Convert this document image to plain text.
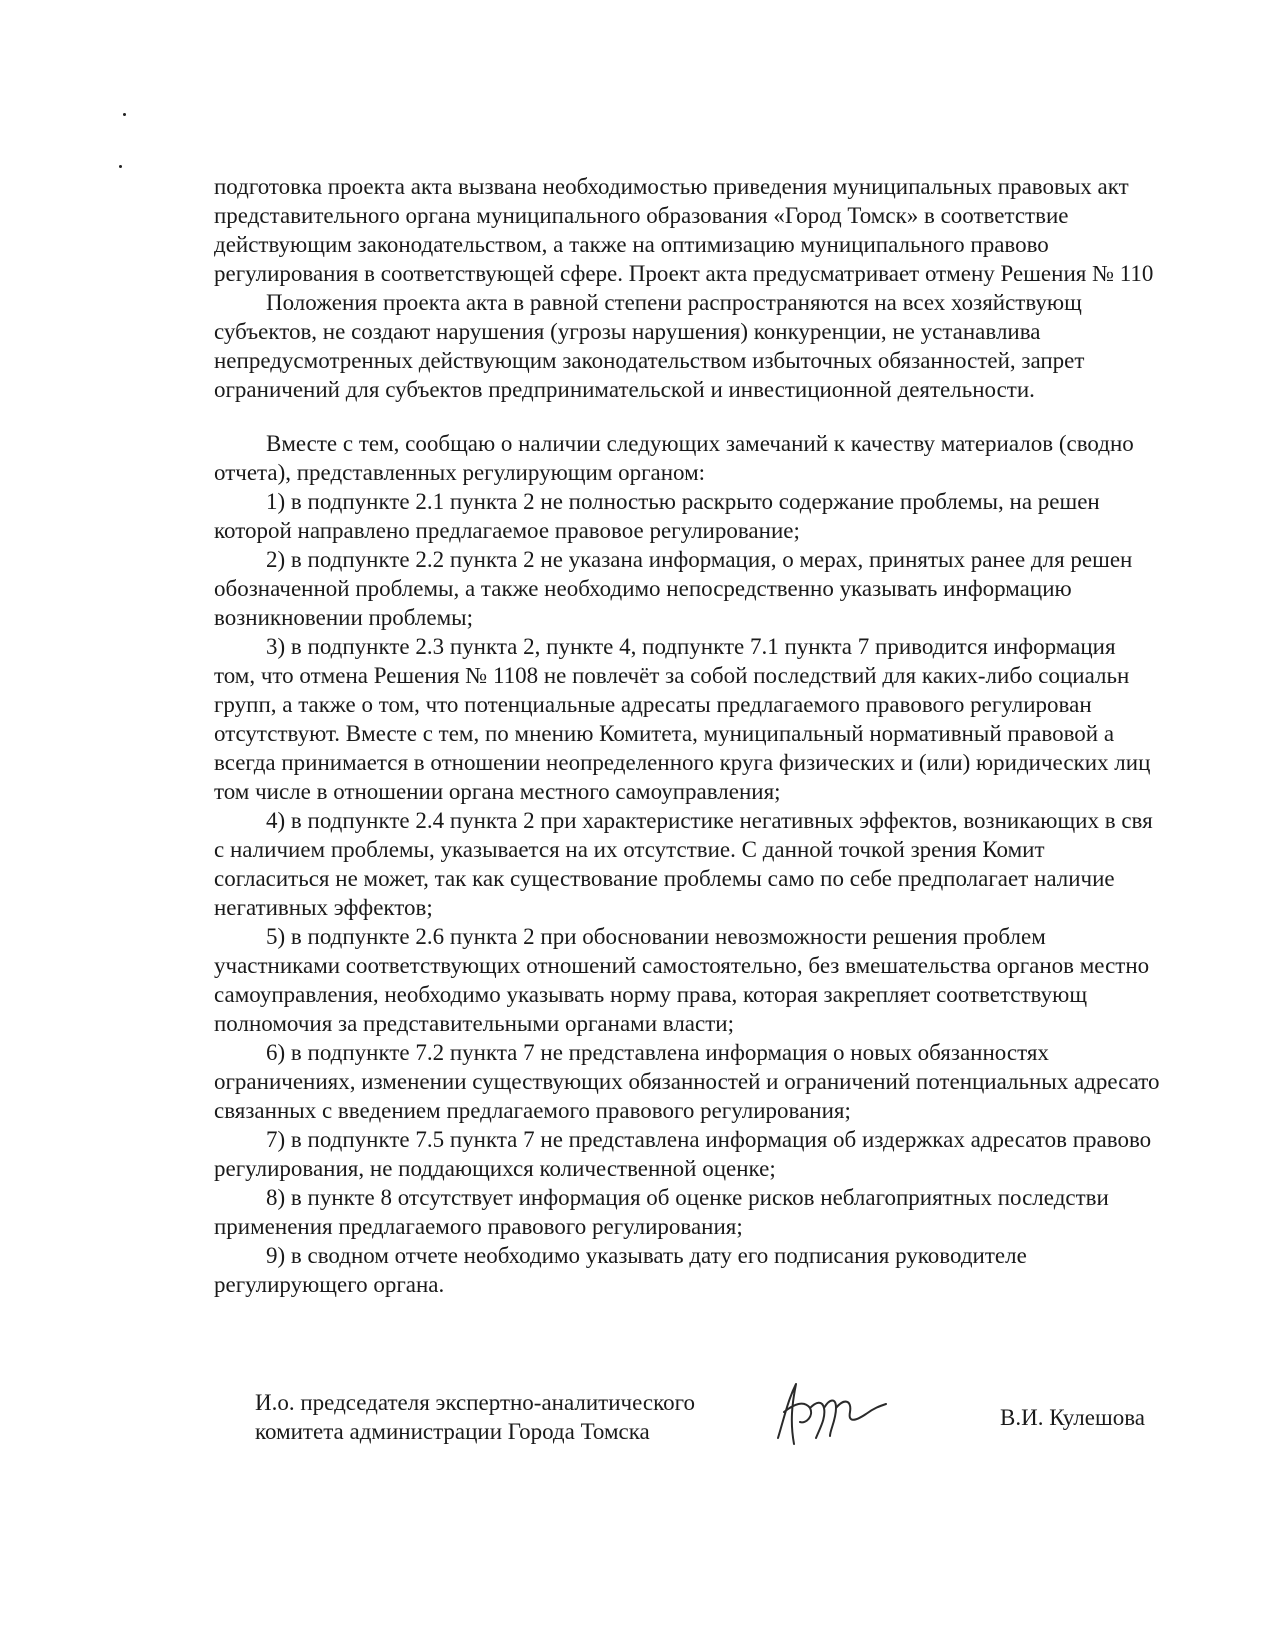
подготовка проекта акта вызвана необходимостью приведения муниципальных правовых акт
представительного органа муниципального образования «Город Томск» в соответствие
действующим законодательством, а также на оптимизацию муниципального правово
регулирования в соответствующей сфере. Проект акта предусматривает отмену Решения № 110
Положения проекта акта в равной степени распространяются на всех хозяйствующ
субъектов, не создают нарушения (угрозы нарушения) конкуренции, не устанавлива
непредусмотренных действующим законодательством избыточных обязанностей, запрет
ограничений для субъектов предпринимательской и инвестиционной деятельности.
Вместе с тем, сообщаю о наличии следующих замечаний к качеству материалов (сводно
отчета), представленных регулирующим органом:
1) в подпункте 2.1 пункта 2 не полностью раскрыто содержание проблемы, на решен
которой направлено предлагаемое правовое регулирование;
2) в подпункте 2.2 пункта 2 не указана информация, о мерах, принятых ранее для решен
обозначенной проблемы, а также необходимо непосредственно указывать информацию
возникновении проблемы;
3) в подпункте 2.3 пункта 2, пункте 4, подпункте 7.1 пункта 7 приводится информация
том, что отмена Решения № 1108 не повлечёт за собой последствий для каких-либо социальн
групп, а также о том, что потенциальные адресаты предлагаемого правового регулирован
отсутствуют. Вместе с тем, по мнению Комитета, муниципальный нормативный правовой а
всегда принимается в отношении неопределенного круга физических и (или) юридических лиц
том числе в отношении органа местного самоуправления;
4) в подпункте 2.4 пункта 2 при характеристике негативных эффектов, возникающих в свя
с наличием проблемы, указывается на их отсутствие. С данной точкой зрения Комит
согласиться не может, так как существование проблемы само по себе предполагает наличие
негативных эффектов;
5) в подпункте 2.6 пункта 2 при обосновании невозможности решения проблем
участниками соответствующих отношений самостоятельно, без вмешательства органов местно
самоуправления, необходимо указывать норму права, которая закрепляет соответствующ
полномочия за представительными органами власти;
6) в подпункте 7.2 пункта 7 не представлена информация о новых обязанностях
ограничениях, изменении существующих обязанностей и ограничений потенциальных адресато
связанных с введением предлагаемого правового регулирования;
7) в подпункте 7.5 пункта 7 не представлена информация об издержках адресатов правово
регулирования, не поддающихся количественной оценке;
8) в пункте 8 отсутствует информация об оценке рисков неблагоприятных последстви
применения предлагаемого правового регулирования;
9) в сводном отчете необходимо указывать дату его подписания руководителе
регулирующего органа.
И.о. председателя экспертно-аналитического
комитета администрации Города Томска
В.И. Кулешова
